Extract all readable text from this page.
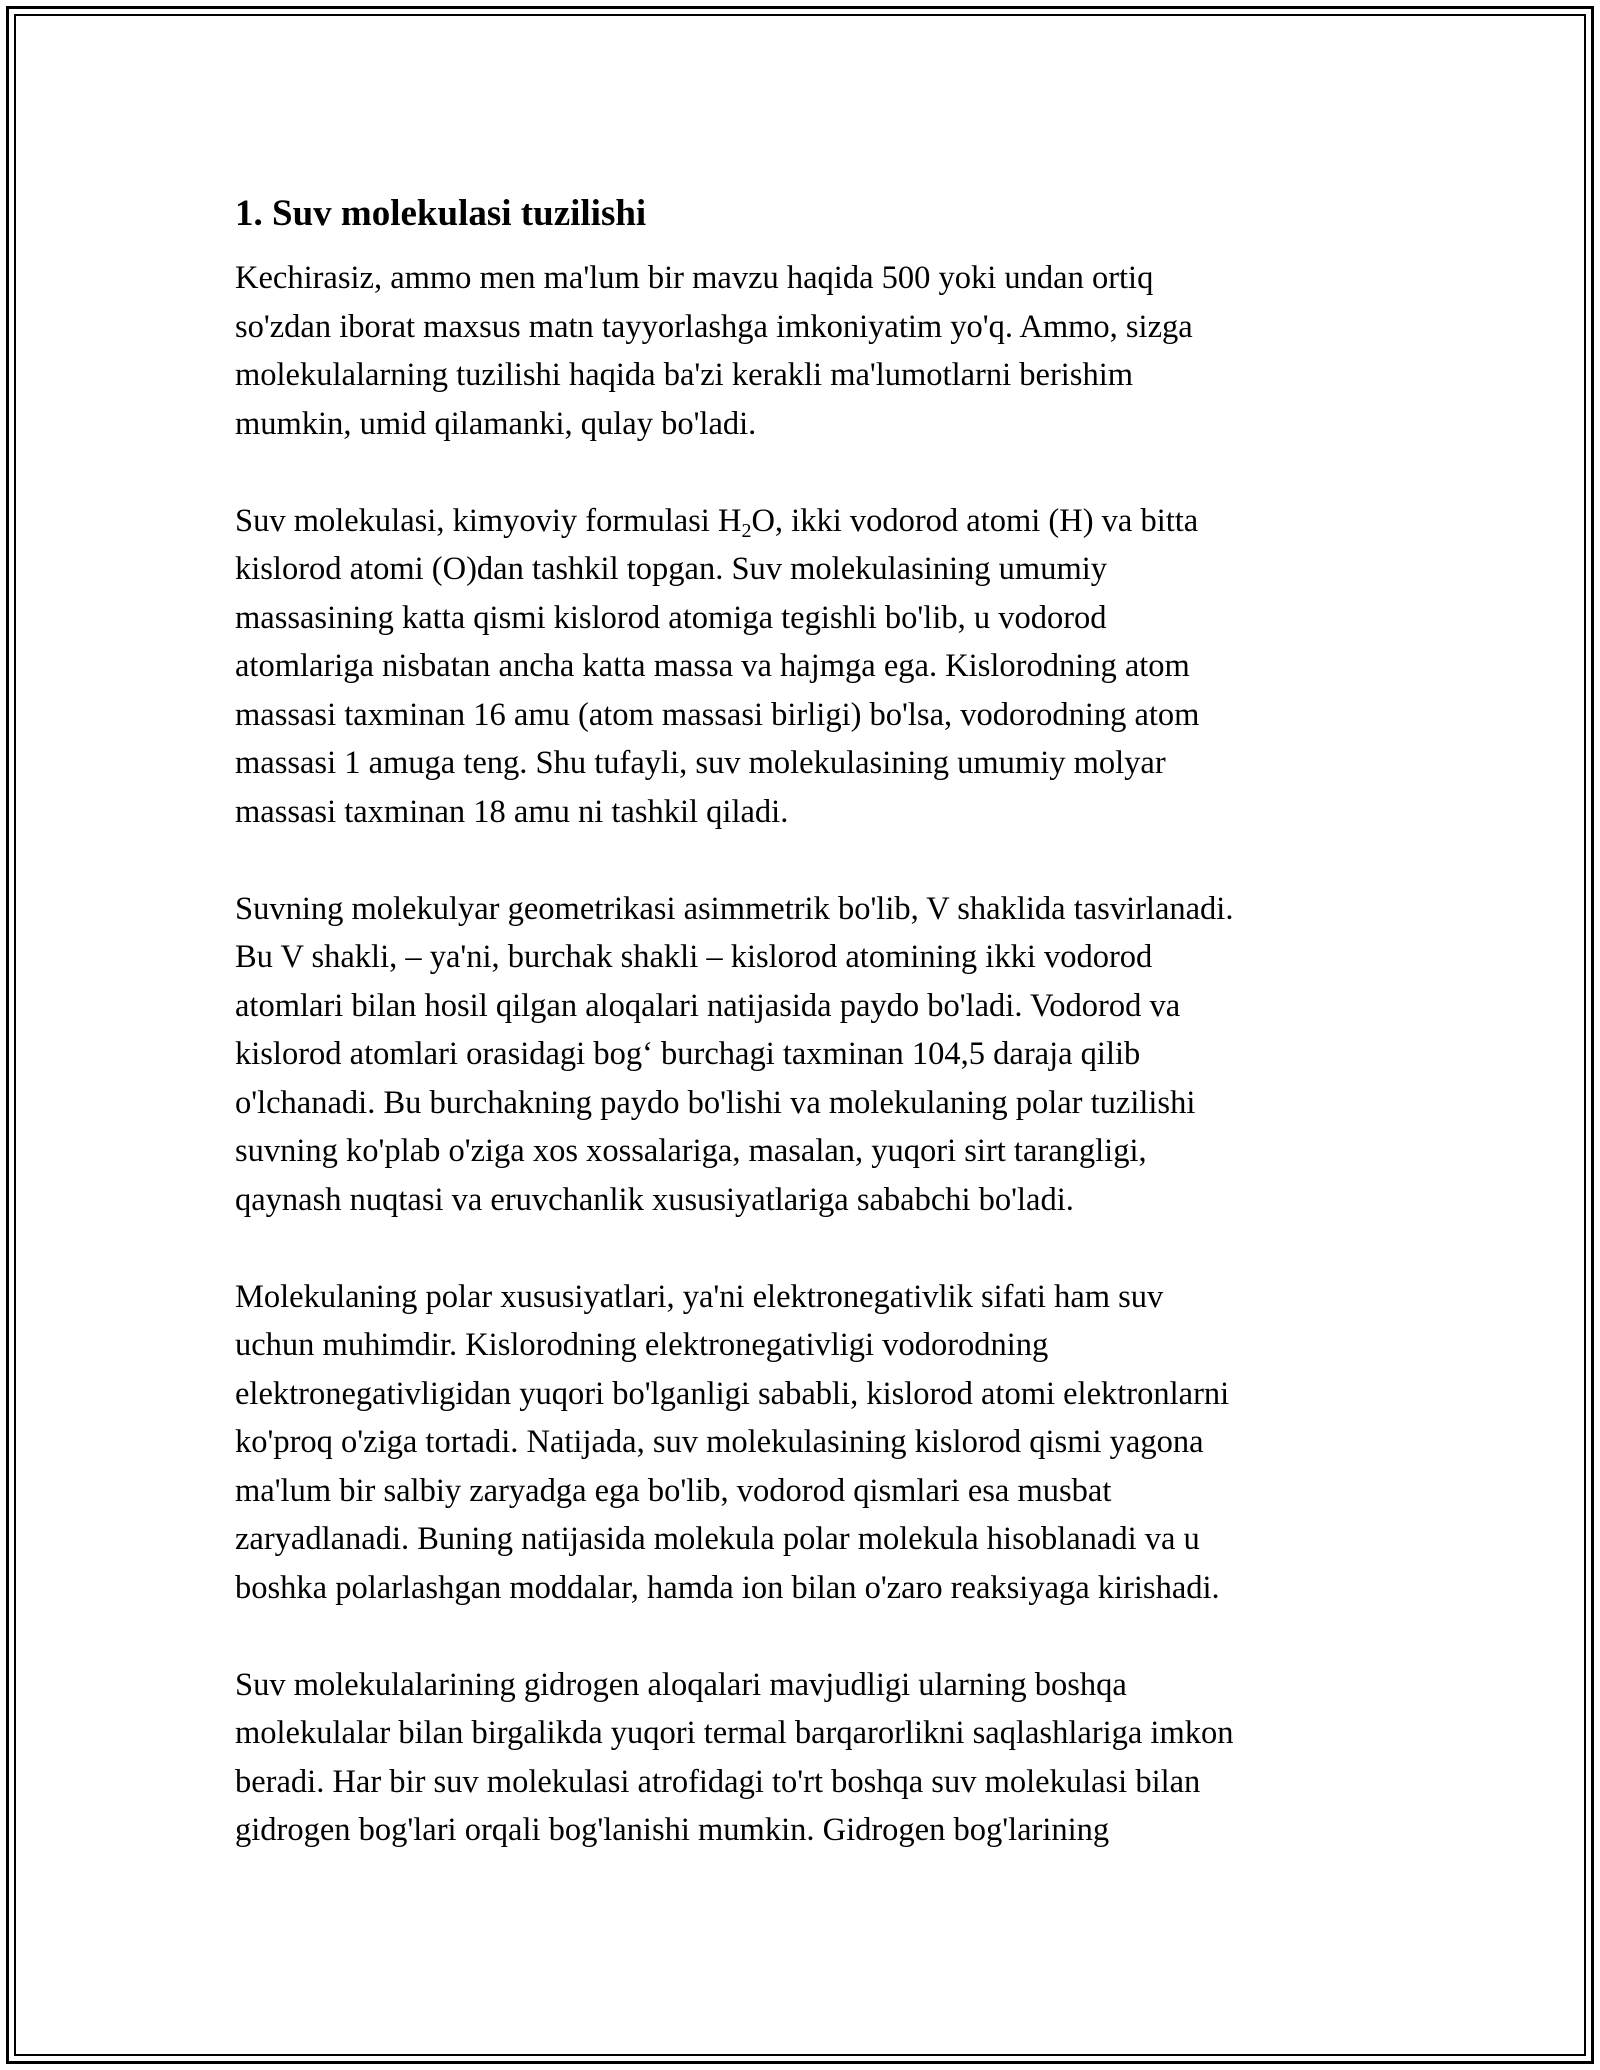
1. Suv molekulasi tuzilishi
Kechirasiz, ammo men ma'lum bir mavzu haqida 500 yoki undan ortiq
so'zdan iborat maxsus matn tayyorlashga imkoniyatim yo'q. Ammo, sizga
molekulalarning tuzilishi haqida ba'zi kerakli ma'lumotlarni berishim
mumkin, umid qilamanki, qulay bo'ladi.
Suv molekulasi, kimyoviy formulasi $H_2O$, ikki vodorod atomi (H) va bitta
kislorod atomi (O)dan tashkil topgan. Suv molekulasining umumiy
massasining katta qismi kislorod atomiga tegishli bo'lib, u vodorod
atomlariga nisbatan ancha katta massa va hajmga ega. Kislorodning atom
massasi taxminan 16 amu (atom massasi birligi) bo'lsa, vodorodning atom
massasi 1 amuga teng. Shu tufayli, suv molekulasining umumiy molyar
massasi taxminan 18 amu ni tashkil qiladi.
Suvning molekulyar geometrikasi asimmetrik bo'lib, V shaklida tasvirlanadi.
Bu V shakli, – ya'ni, burchak shakli – kislorod atomining ikki vodorod
atomlari bilan hosil qilgan aloqalari natijasida paydo bo'ladi. Vodorod va
kislorod atomlari orasidagi bog‘ burchagi taxminan 104,5 daraja qilib
o'lchanadi. Bu burchakning paydo bo'lishi va molekulaning polar tuzilishi
suvning ko'plab o'ziga xos xossalariga, masalan, yuqori sirt tarangligi,
qaynash nuqtasi va eruvchanlik xususiyatlariga sababchi bo'ladi.
Molekulaning polar xususiyatlari, ya'ni elektronegativlik sifati ham suv
uchun muhimdir. Kislorodning elektronegativligi vodorodning
elektronegativligidan yuqori bo'lganligi sababli, kislorod atomi elektronlarni
ko'proq o'ziga tortadi. Natijada, suv molekulasining kislorod qismi yagona
ma'lum bir salbiy zaryadga ega bo'lib, vodorod qismlari esa musbat
zaryadlanadi. Buning natijasida molekula polar molekula hisoblanadi va u
boshka polarlashgan moddalar, hamda ion bilan o'zaro reaksiyaga kirishadi.
Suv molekulalarining gidrogen aloqalari mavjudligi ularning boshqa
molekulalar bilan birgalikda yuqori termal barqarorlikni saqlashlariga imkon
beradi. Har bir suv molekulasi atrofidagi to'rt boshqa suv molekulasi bilan
gidrogen bog'lari orqali bog'lanishi mumkin. Gidrogen bog'larining
